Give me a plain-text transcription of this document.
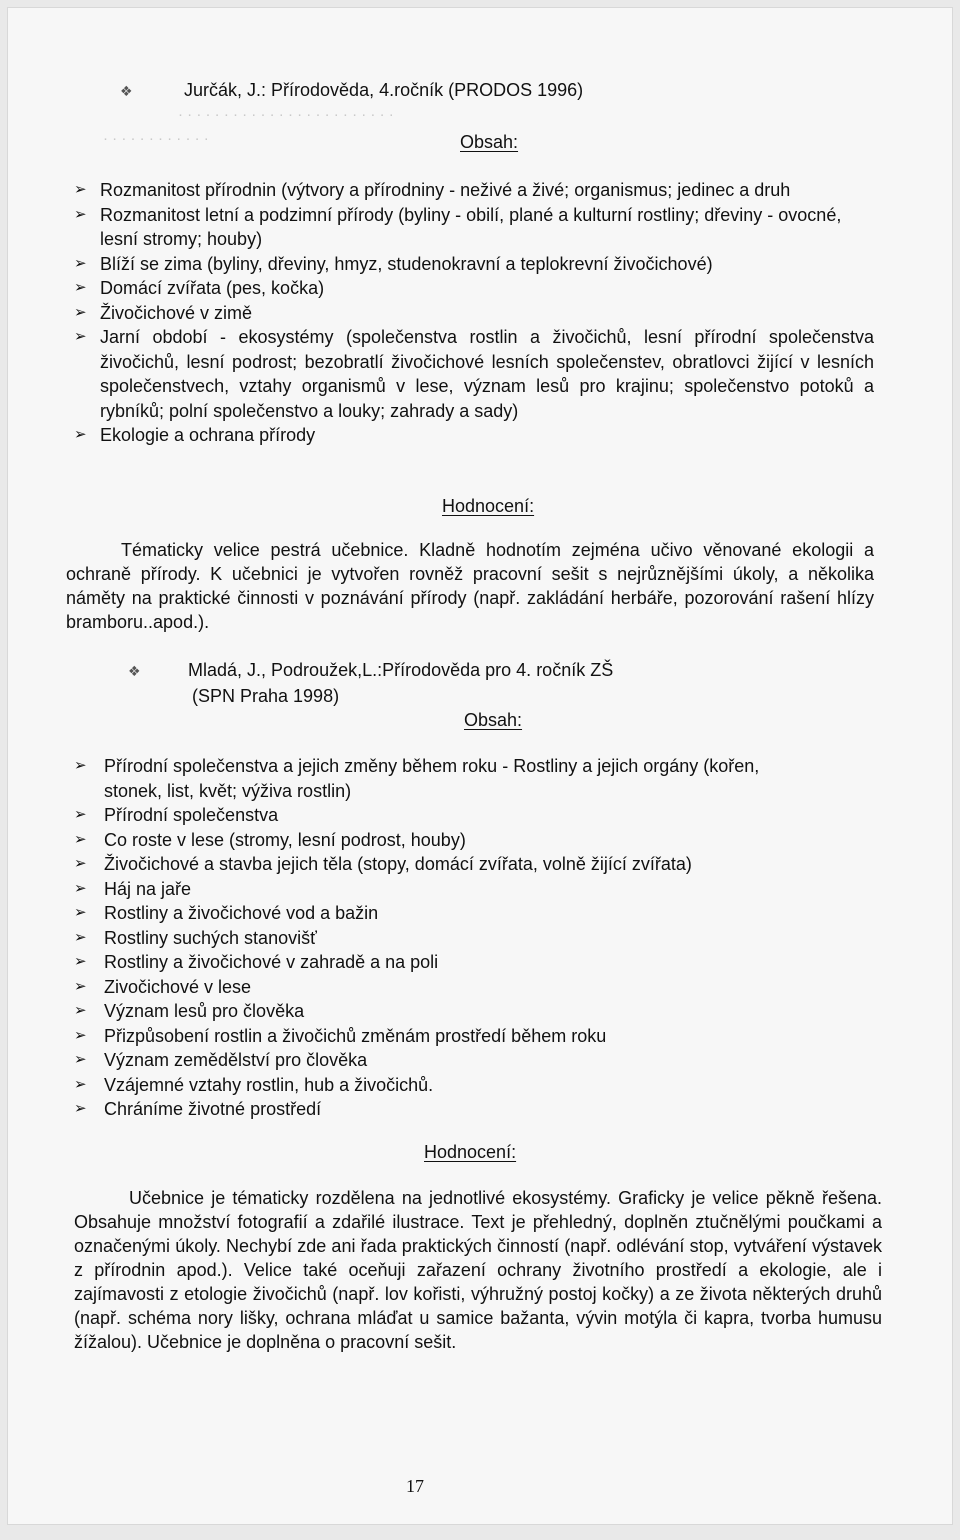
· · · · · · · · · · · · · · · · · · · · · · · ·
· · · · · · · · · · · ·
❖	Jurčák, J.: Přírodověda, 4.ročník (PRODOS 1996)
Obsah:
➢ Rozmanitost přírodnin (výtvory a přírodniny - neživé a živé; organismus; jedinec a druh
➢ Rozmanitost letní a podzimní přírody (byliny - obilí, plané a kulturní rostliny; dřeviny - ovocné, lesní stromy; houby)
➢ Blíží se zima (byliny, dřeviny, hmyz, studenokravní a teplokrevní živočichové)
➢ Domácí zvířata (pes, kočka)
➢ Živočichové v zimě
➢ Jarní období - ekosystémy (společenstva rostlin a živočichů, lesní přírodní společenstva živočichů, lesní podrost; bezobratlí živočichové lesních společenstev, obratlovci žijící v lesních společenstvech, vztahy organismů v lese, význam lesů pro krajinu; společenstvo potoků a rybníků; polní společenstvo a louky; zahrady a sady)
➢ Ekologie a ochrana přírody
Hodnocení:
Tématicky velice pestrá učebnice. Kladně hodnotím zejména učivo věnované ekologii a ochraně přírody. K učebnici je vytvořen rovněž pracovní sešit s nejrůznějšími úkoly, a několika náměty na praktické činnosti v poznávání přírody (např. zakládání herbáře, pozorování rašení hlízy bramboru..apod.).
❖	Mladá, J., Podroužek,L.:Přírodověda pro 4. ročník ZŠ
(SPN Praha 1998)
Obsah:
➢ Přírodní společenstva a jejich změny během roku - Rostliny a jejich orgány (kořen, stonek, list, květ; výživa rostlin)
➢ Přírodní společenstva
➢ Co roste v lese (stromy, lesní podrost, houby)
➢ Živočichové a stavba jejich těla (stopy, domácí zvířata, volně žijící zvířata)
➢ Háj na jaře
➢ Rostliny a živočichové vod a bažin
➢ Rostliny suchých stanovišť
➢ Rostliny a živočichové v zahradě a na poli
➢ Zivočichové v lese
➢ Význam lesů pro člověka
➢ Přizpůsobení rostlin a živočichů změnám prostředí během roku
➢ Význam zemědělství pro člověka
➢ Vzájemné vztahy rostlin, hub a živočichů.
➢ Chráníme životné prostředí
Hodnocení:
Učebnice je tématicky rozdělena na jednotlivé ekosystémy. Graficky je velice pěkně řešena. Obsahuje množství fotografií a zdařilé ilustrace. Text je přehledný, doplněn ztučnělými poučkami a označenými úkoly. Nechybí zde ani řada praktických činností (např. odlévání stop, vytváření výstavek z přírodnin apod.). Velice také oceňuji zařazení ochrany životního prostředí a ekologie, ale i zajímavosti z etologie živočichů (např. lov kořisti, výhružný postoj kočky) a ze života některých druhů (např. schéma nory lišky, ochrana mláďat u samice bažanta, vývin motýla či kapra, tvorba humusu žížalou). Učebnice je doplněna o pracovní sešit.
17
